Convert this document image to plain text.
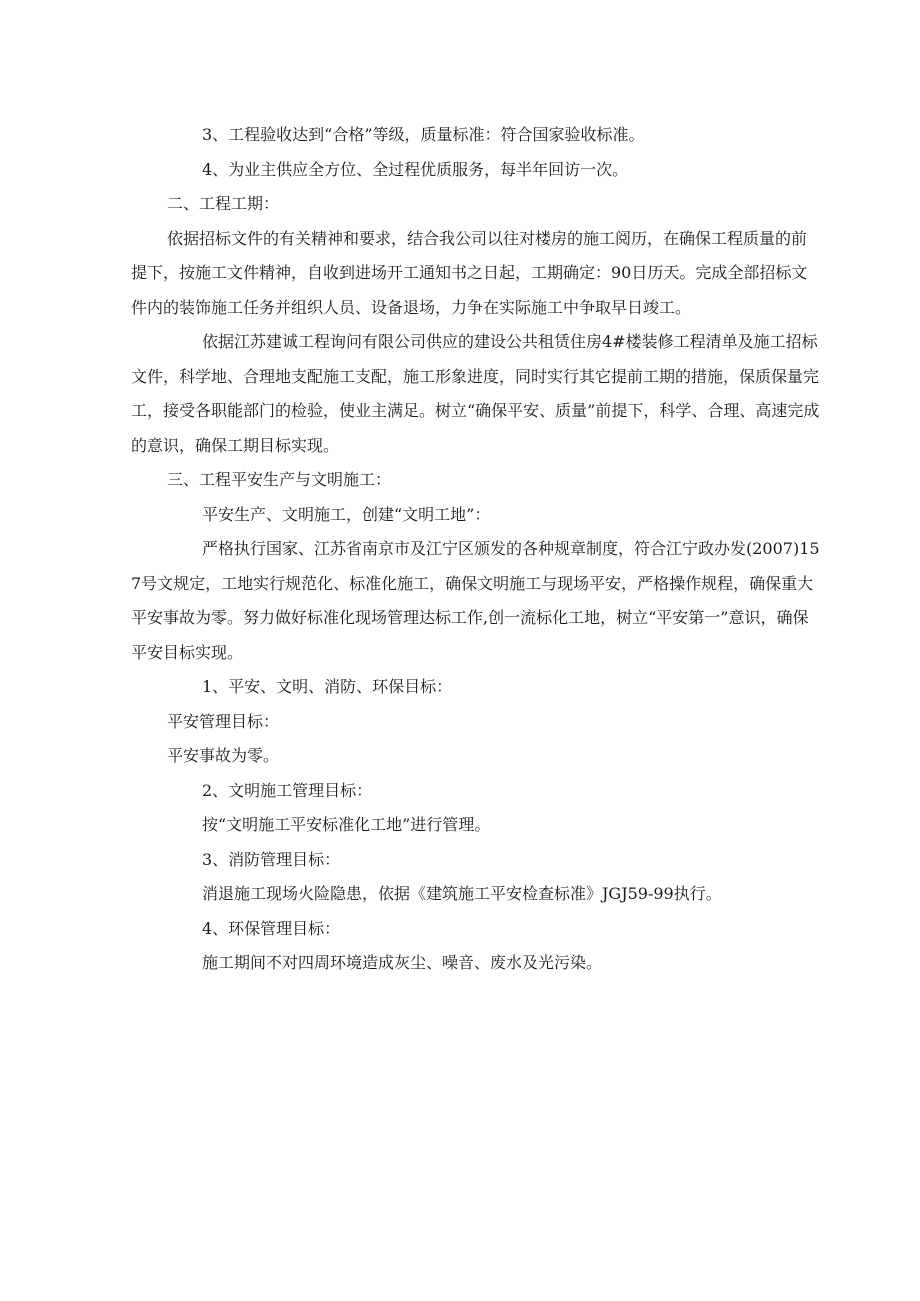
3、工程验收达到“合格”等级，质量标准：符合国家验收标准。

4、为业主供应全方位、全过程优质服务，每半年回访一次。

二、工程工期：

依据招标文件的有关精神和要求，结合我公司以往对楼房的施工阅历，在确保工程质量的前提下，按施工文件精神，自收到进场开工通知书之日起，工期确定：90日历天。完成全部招标文件内的装饰施工任务并组织人员、设备退场，力争在实际施工中争取早日竣工。

依据江苏建诚工程询问有限公司供应的建设公共租赁住房4#楼装修工程清单及施工招标文件，科学地、合理地支配施工支配，施工形象进度，同时实行其它提前工期的措施，保质保量完工，接受各职能部门的检验，使业主满足。树立“确保平安、质量”前提下，科学、合理、高速完成的意识，确保工期目标实现。

三、工程平安生产与文明施工：

平安生产、文明施工，创建“文明工地”：

严格执行国家、江苏省南京市及江宁区颁发的各种规章制度，符合江宁政办发(2007)157号文规定，工地实行规范化、标准化施工，确保文明施工与现场平安，严格操作规程，确保重大平安事故为零。努力做好标准化现场管理达标工作,创一流标化工地，树立“平安第一”意识，确保平安目标实现。

1、平安、文明、消防、环保目标：

平安管理目标：

平安事故为零。

2、文明施工管理目标：

按“文明施工平安标准化工地”进行管理。

3、消防管理目标：

消退施工现场火险隐患，依据《建筑施工平安检查标准》JGJ59-99执行。

4、环保管理目标：

施工期间不对四周环境造成灰尘、噪音、废水及光污染。
